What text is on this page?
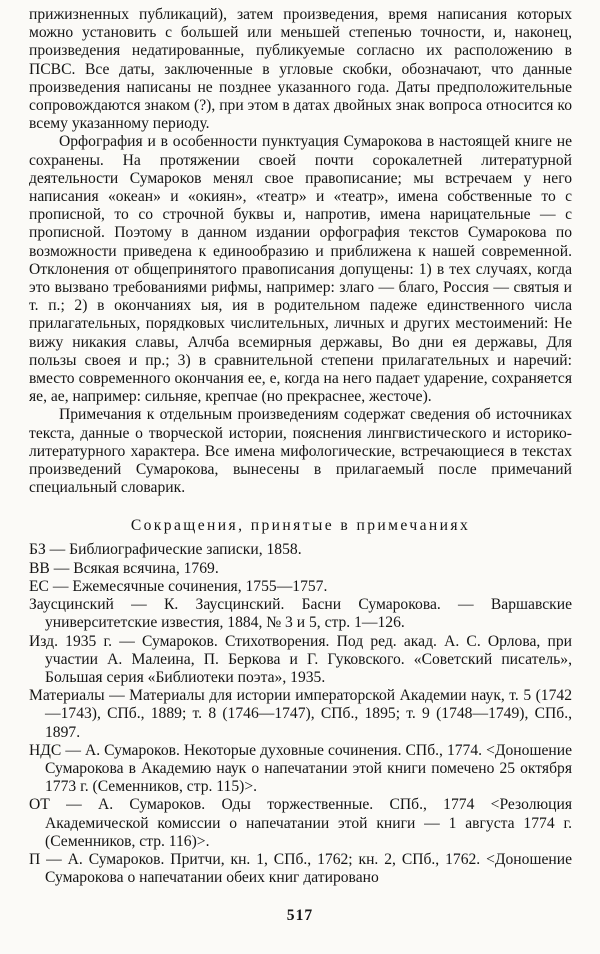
прижизненных публикаций), затем произведения, время написания которых можно установить с большей или меньшей степенью точности, и, наконец, произведения недатированные, публикуемые согласно их расположению в ПСВС. Все даты, заключенные в угловые скобки, обозначают, что данные произведения написаны не позднее указанного года. Даты предположительные сопровождаются знаком (?), при этом в датах двойных знак вопроса относится ко всему указанному периоду.

Орфография и в особенности пунктуация Сумарокова в настоящей книге не сохранены. На протяжении своей почти сорокалетней литературной деятельности Сумароков менял свое правописание; мы встречаем у него написания «океан» и «окиян», «театр» и «театр», имена собственные то с прописной, то со строчной буквы и, напротив, имена нарицательные — с прописной. Поэтому в данном издании орфография текстов Сумарокова по возможности приведена к единообразию и приближена к нашей современной. Отклонения от общепринятого правописания допущены: 1) в тех случаях, когда это вызвано требованиями рифмы, например: злаго — благо, Россия — святыя и т. п.; 2) в окончаниях ыя, ия в родительном падеже единственного числа прилагательных, порядковых числительных, личных и других местоимений: Не вижу никакия славы, Алчба всемирныя державы, Во дни ея державы, Для пользы своея и пр.; 3) в сравнительной степени прилагательных и наречий: вместо современного окончания ее, е, когда на него падает ударение, сохраняется яе, ае, например: сильняе, крепчае (но прекраснее, жесточе).

Примечания к отдельным произведениям содержат сведения об источниках текста, данные о творческой истории, пояснения лингвистического и историко-литературного характера. Все имена мифологические, встречающиеся в текстах произведений Сумарокова, вынесены в прилагаемый после примечаний специальный словарик.

Сокращения, принятые в примечаниях

БЗ — Библиографические записки, 1858.

ВВ — Всякая всячина, 1769.

ЕС — Ежемесячные сочинения, 1755—1757.

Заусцинский — К. Заусцинский. Басни Сумарокова. — Варшавские университетские известия, 1884, № 3 и 5, стр. 1—126.

Изд. 1935 г. — Сумароков. Стихотворения. Под ред. акад. А. С. Орлова, при участии А. Малеина, П. Беркова и Г. Гуковского. «Советский писатель», Большая серия «Библиотеки поэта», 1935.

Материалы — Материалы для истории императорской Академии наук, т. 5 (1742—1743), СПб., 1889; т. 8 (1746—1747), СПб., 1895; т. 9 (1748—1749), СПб., 1897.

НДС — А. Сумароков. Некоторые духовные сочинения. СПб., 1774. <Доношение Сумарокова в Академию наук о напечатании этой книги помечено 25 октября 1773 г. (Семенников, стр. 115)>.

ОТ — А. Сумароков. Оды торжественные. СПб., 1774 <Резолюция Академической комиссии о напечатании этой книги — 1 августа 1774 г. (Семенников, стр. 116)>.

П — А. Сумароков. Притчи, кн. 1, СПб., 1762; кн. 2, СПб., 1762. <Доношение Сумарокова о напечатании обеих книг датировано

517
